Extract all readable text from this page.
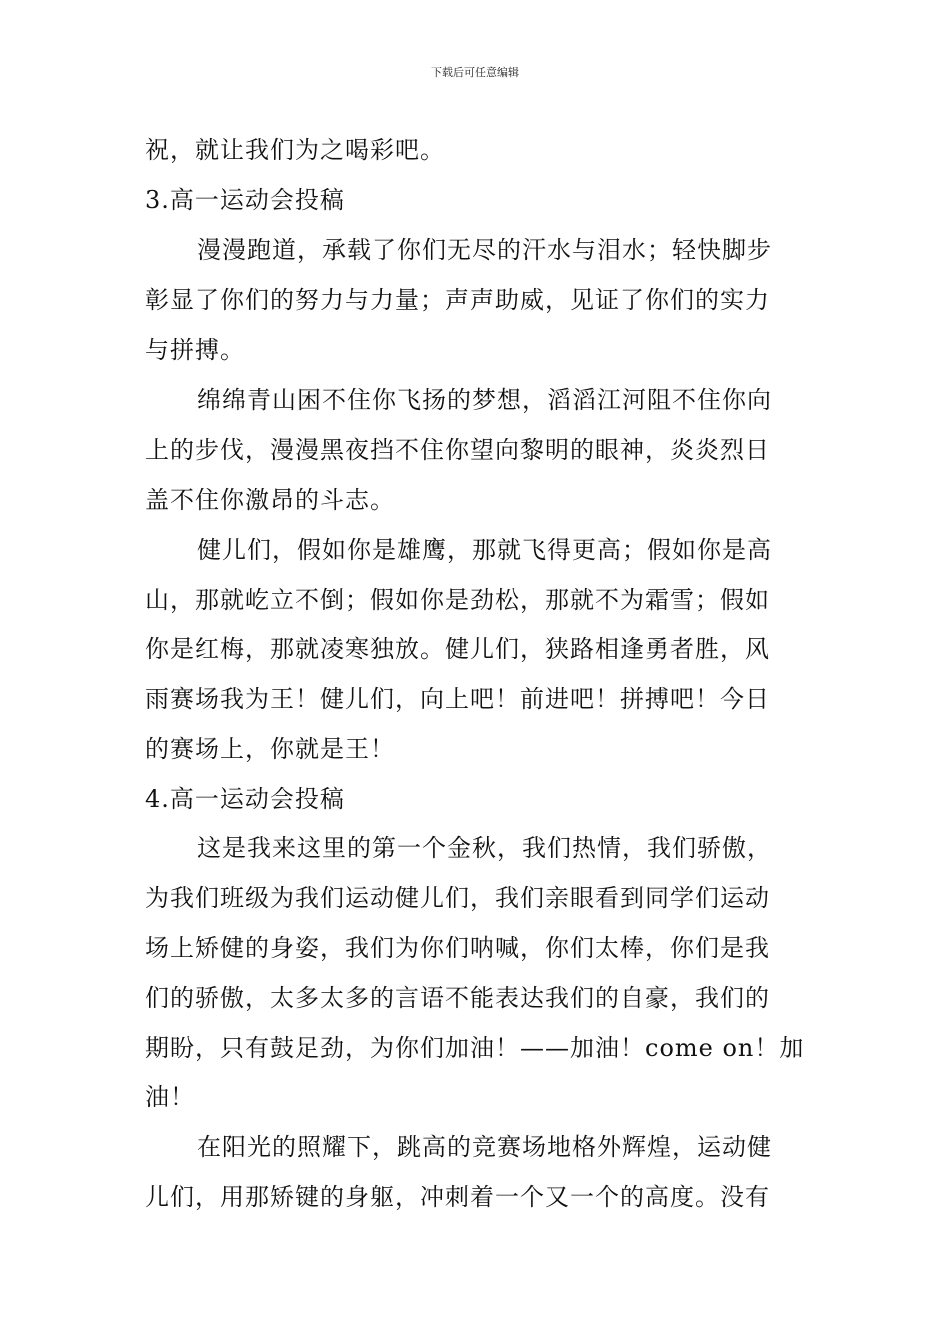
下载后可任意编辑
祝，就让我们为之喝彩吧。
3.高一运动会投稿
漫漫跑道，承载了你们无尽的汗水与泪水；轻快脚步
彰显了你们的努力与力量；声声助威，见证了你们的实力
与拼搏。
绵绵青山困不住你飞扬的梦想，滔滔江河阻不住你向
上的步伐，漫漫黑夜挡不住你望向黎明的眼神，炎炎烈日
盖不住你激昂的斗志。
健儿们，假如你是雄鹰，那就飞得更高；假如你是高
山，那就屹立不倒；假如你是劲松，那就不为霜雪；假如
你是红梅，那就凌寒独放。健儿们，狭路相逢勇者胜，风
雨赛场我为王！健儿们，向上吧！前进吧！拼搏吧！今日
的赛场上，你就是王！
4.高一运动会投稿
这是我来这里的第一个金秋，我们热情，我们骄傲，
为我们班级为我们运动健儿们，我们亲眼看到同学们运动
场上矫健的身姿，我们为你们呐喊，你们太棒，你们是我
们的骄傲，太多太多的言语不能表达我们的自豪，我们的
期盼，只有鼓足劲，为你们加油！——加油！come on！加
油！
在阳光的照耀下，跳高的竞赛场地格外辉煌，运动健
儿们，用那矫键的身躯，冲刺着一个又一个的高度。没有
